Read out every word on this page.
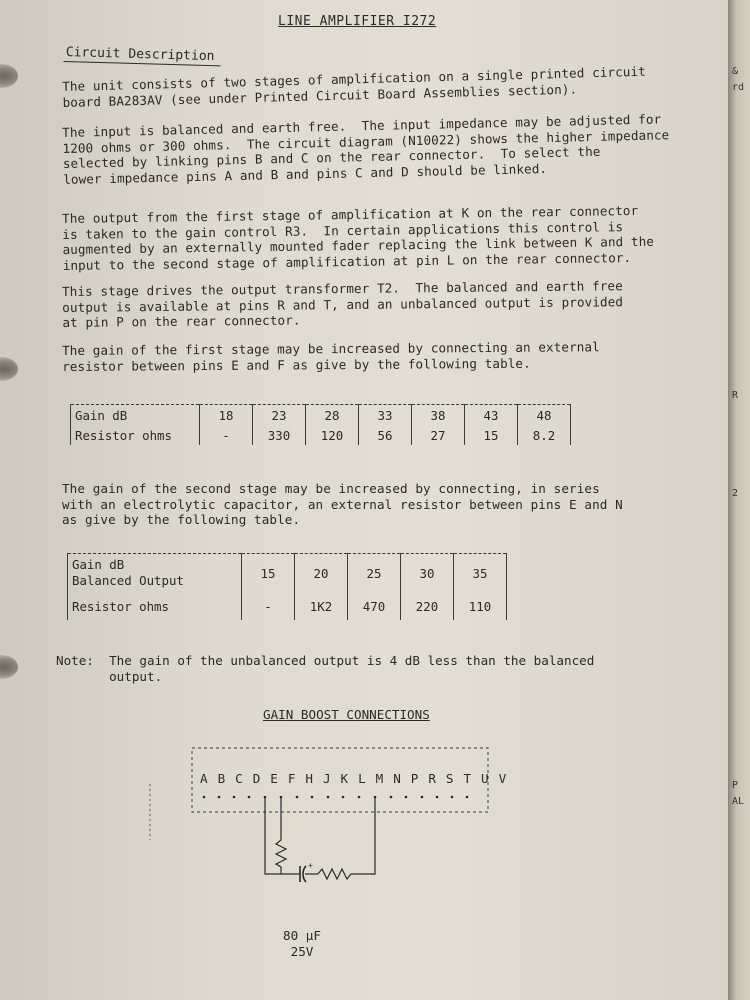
LINE AMPLIFIER I272
Circuit Description
The unit consists of two stages of amplification on a single printed circuit
board BA283AV (see under Printed Circuit Board Assemblies section).
The input is balanced and earth free.  The input impedance may be adjusted for
1200 ohms or 300 ohms.  The circuit diagram (N10022) shows the higher impedance
selected by linking pins B and C on the rear connector.  To select the
lower impedance pins A and B and pins C and D should be linked.
The output from the first stage of amplification at K on the rear connector
is taken to the gain control R3.  In certain applications this control is
augmented by an externally mounted fader replacing the link between K and the
input to the second stage of amplification at pin L on the rear connector.
This stage drives the output transformer T2.  The balanced and earth free
output is available at pins R and T, and an unbalanced output is provided
at pin P on the rear connector.
The gain of the first stage may be increased by connecting an external
resistor between pins E and F as give by the following table.
Gain dB	18	23	28	33	38	43	48
Resistor ohms	-	330	120	56	27	15	8.2
The gain of the second stage may be increased by connecting, in series
with an electrolytic capacitor, an external resistor between pins E and N
as give by the following table.
Gain dB
Balanced Output	15	20	25	30	35
Resistor ohms	-	1K2	470	220	110
Note:  The gain of the unbalanced output is 4 dB less than the balanced
output.
GAIN BOOST CONNECTIONS
+
A B C D E F H J K L M N P R S T U V
80 µF
25V
&
rd
R
2
P
AL
